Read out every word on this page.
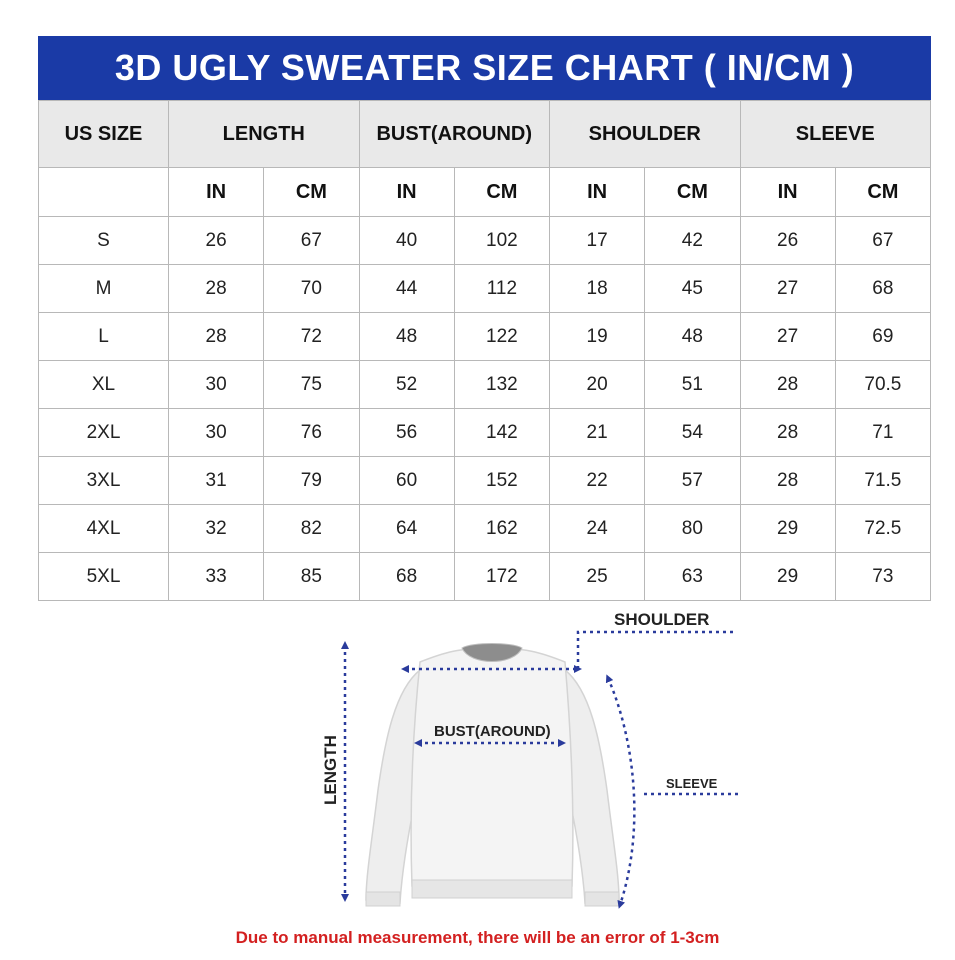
3D UGLY SWEATER SIZE CHART ( IN/CM )
US SIZE	LENGTH		BUST(AROUND)		SHOULDER		SLEEVE	
	IN	CM	IN	CM	IN	CM	IN	CM
S	26	67	40	102	17	42	26	67
M	28	70	44	112	18	45	27	68
L	28	72	48	122	19	48	27	69
XL	30	75	52	132	20	51	28	70.5
2XL	30	76	56	142	21	54	28	71
3XL	31	79	60	152	22	57	28	71.5
4XL	32	82	64	162	24	80	29	72.5
5XL	33	85	68	172	25	63	29	73
SHOULDER
BUST(AROUND)
SLEEVE
LENGTH
Due to manual measurement, there will be an error of 1-3cm
